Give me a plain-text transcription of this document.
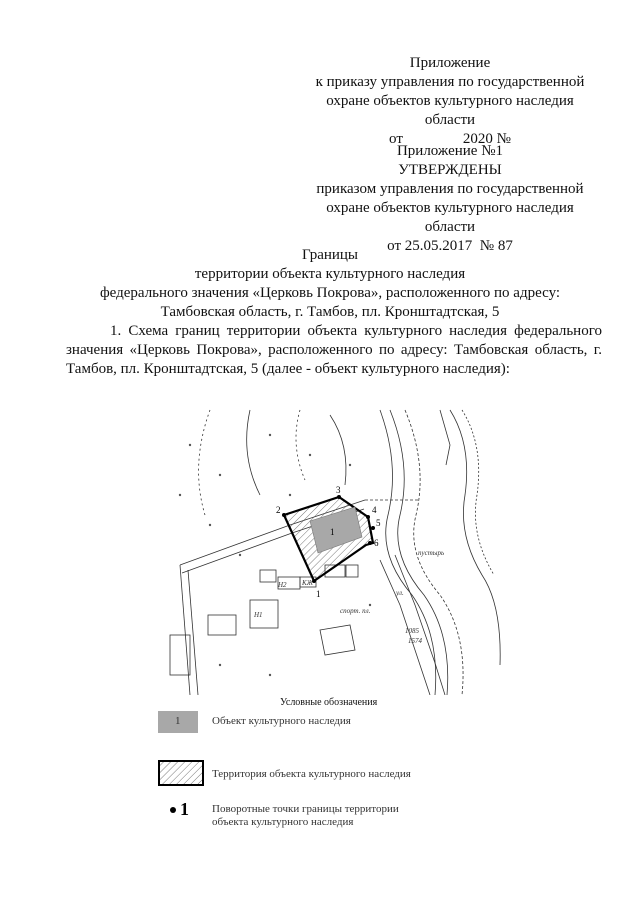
Приложение
к приказу управления по государственной
охране объектов культурного наследия области
от                2020 №
Приложение №1
УТВЕРЖДЕНЫ
приказом управления по государственной
охране объектов культурного наследия области
от 25.05.2017  № 87
Границы
территории объекта культурного наследия
федерального значения «Церковь Покрова», расположенного по адресу:
Тамбовская область, г. Тамбов, пл. Кронштадтская, 5
1. Схема границ территории объекта культурного наследия федерального значения «Церковь Покрова», расположенного по адресу: Тамбовская область, г. Тамбов, пл. Кронштадтская, 5 (далее - объект культурного наследия):
1
1
2
3
4
5
6
Н1
Н2 КЖ
пустырь
спорт. пл.
ул.
1085
1574
Условные обозначения
1	Объект культурного наследия
Территория объекта культурного наследия
1 Поворотные точки границы территории
объекта культурного наследия
